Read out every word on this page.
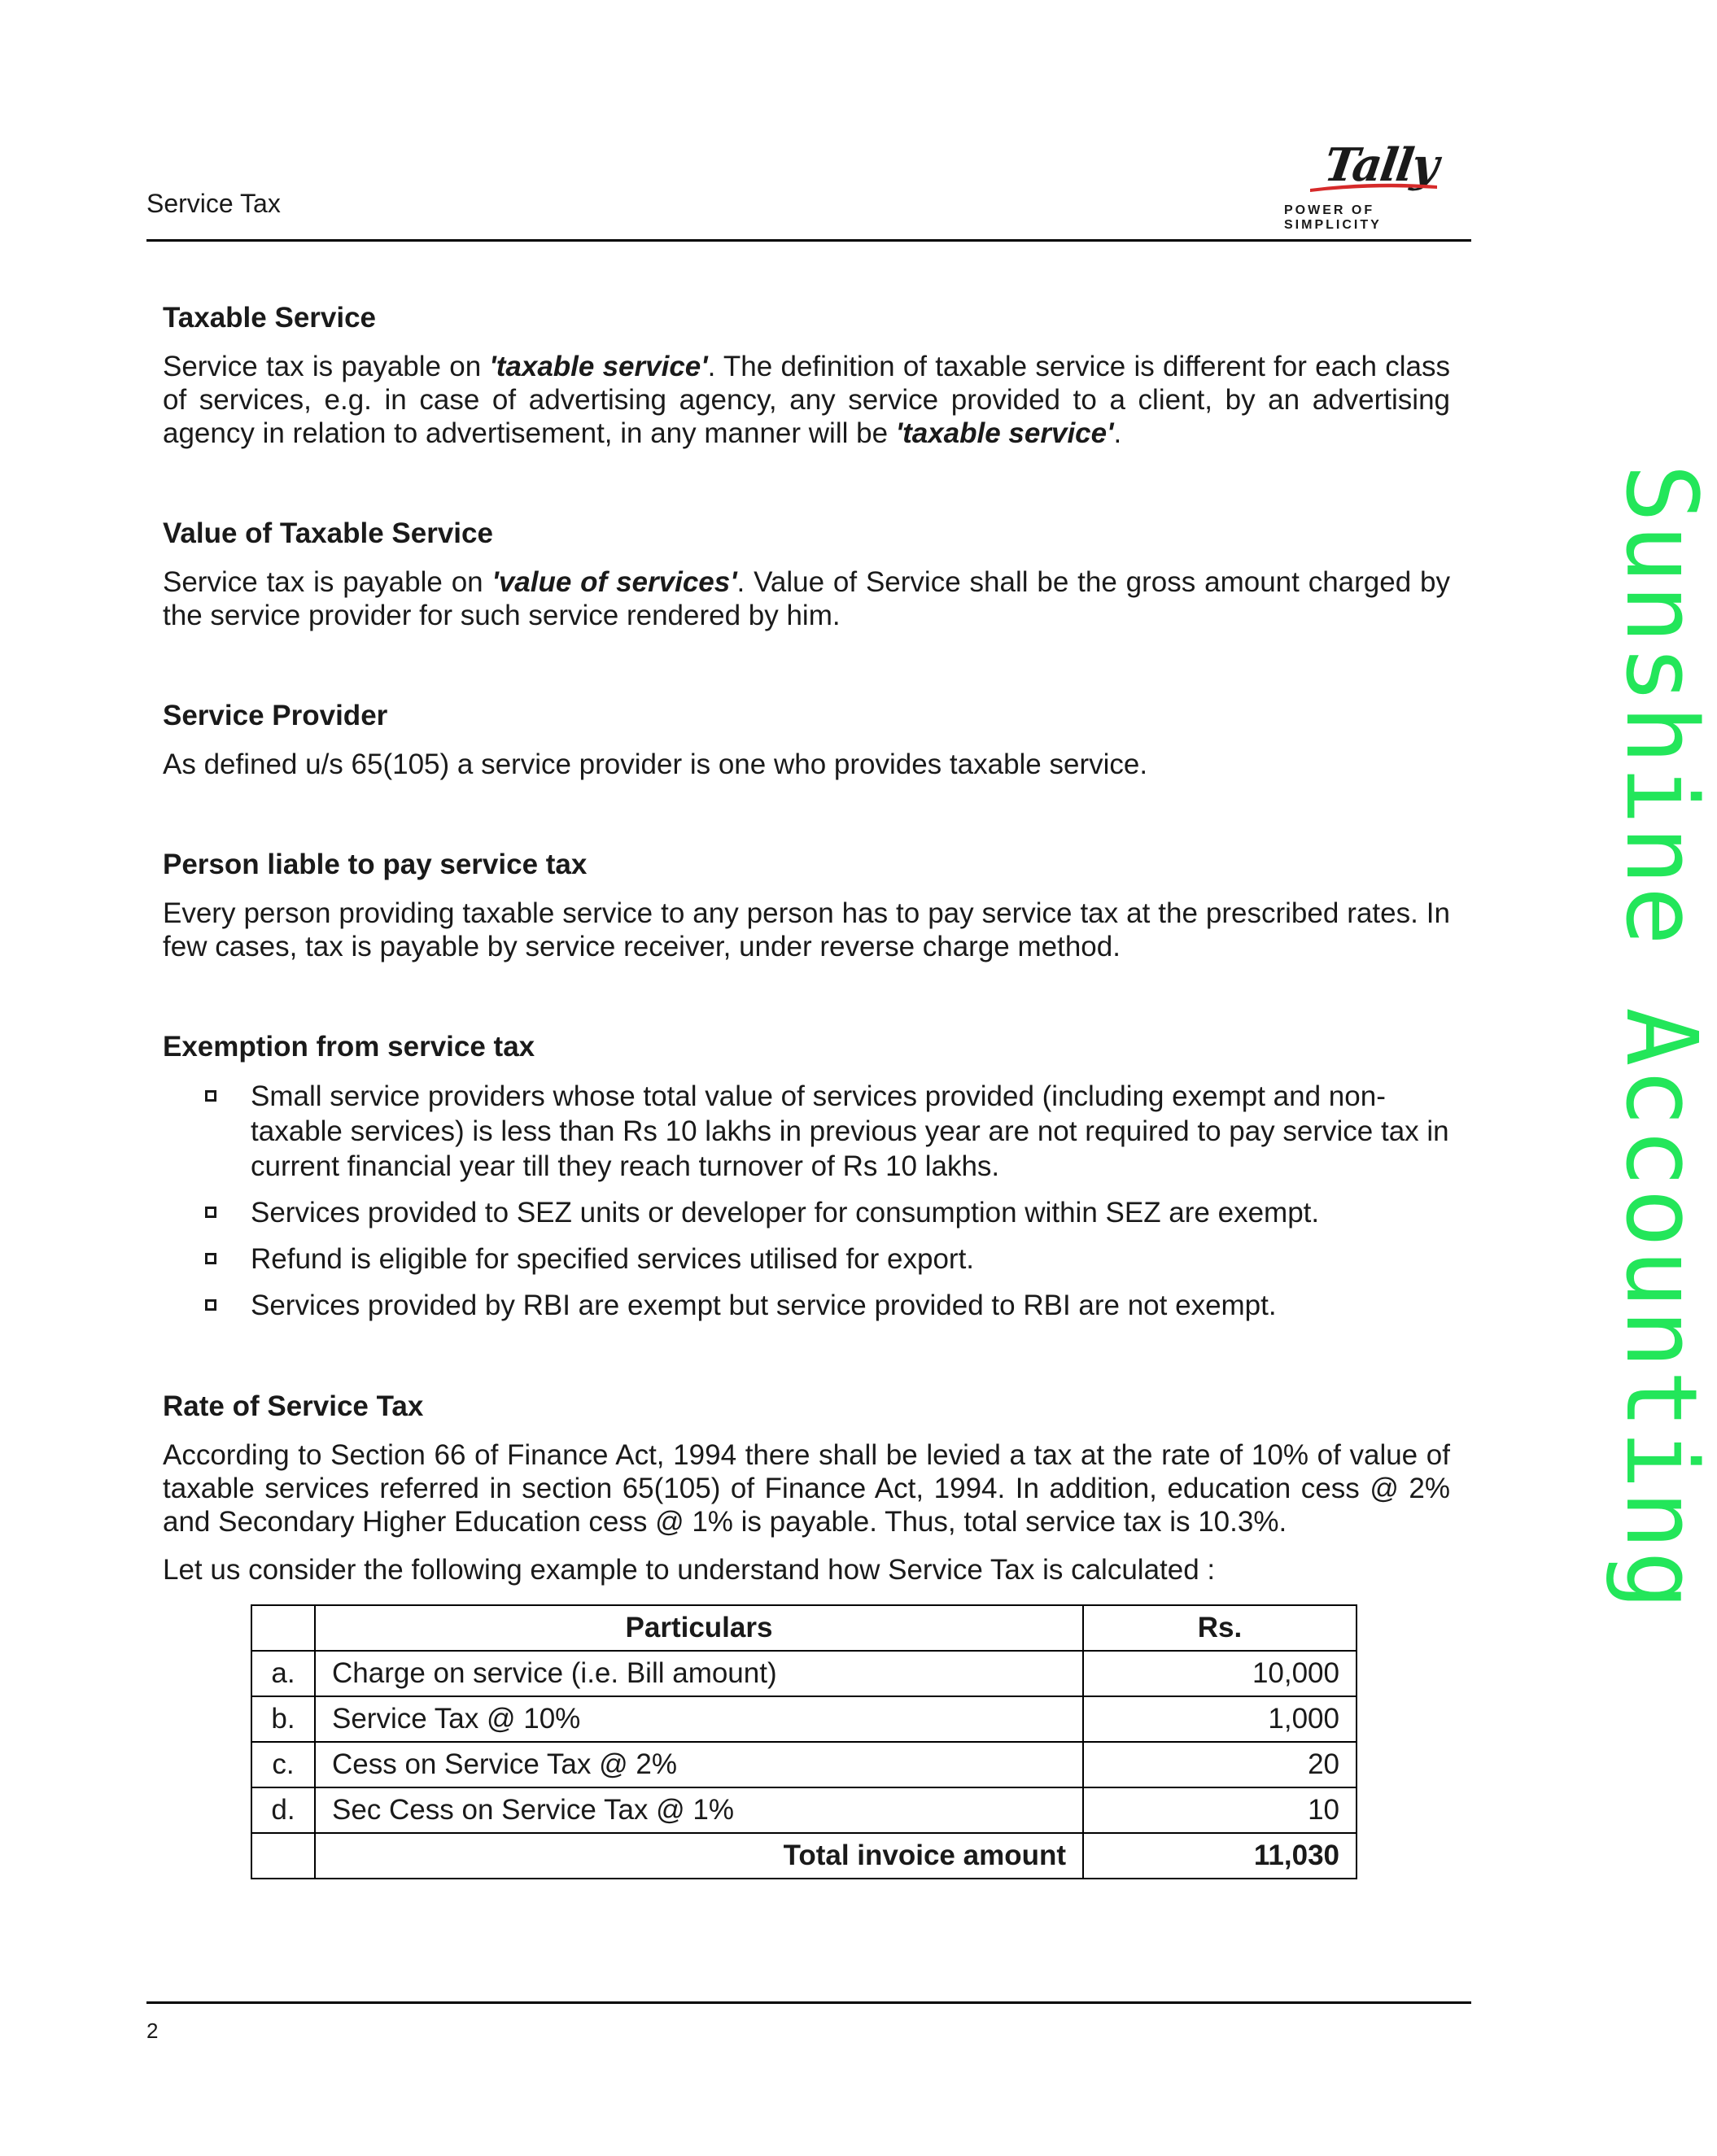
Service Tax
Tally
POWER OF SIMPLICITY
Taxable Service

Service tax is payable on 'taxable service'. The definition of taxable service is different for each class of services, e.g. in case of advertising agency, any service provided to a client, by an advertising agency in relation to advertisement, in any manner will be 'taxable service'.

Value of Taxable Service

Service tax is payable on 'value of services'. Value of Service shall be the gross amount charged by the service provider for such service rendered by him.

Service Provider

As defined u/s 65(105) a service provider is one who provides taxable service.

Person liable to pay service tax

Every person providing taxable service to any person has to pay service tax at the prescribed rates. In few cases, tax is payable by service receiver, under reverse charge method.

Exemption from service tax
Small service providers whose total value of services provided (including exempt and non-taxable services) is less than Rs 10 lakhs in previous year are not required to pay service tax in current financial year till they reach turnover of Rs 10 lakhs.
Services provided to SEZ units or developer for consumption within SEZ are exempt.
Refund is eligible for specified services utilised for export.
Services provided by RBI are exempt but service provided to RBI are not exempt.
Rate of Service Tax

According to Section 66 of Finance Act, 1994 there shall be levied a tax at the rate of 10% of value of taxable services referred in section 65(105) of Finance Act, 1994. In addition, education cess @ 2% and Secondary Higher Education cess @ 1% is payable. Thus, total service tax is 10.3%.

Let us consider the following example to understand how Service Tax is calculated :

	Particulars	Rs.
a.	Charge on service (i.e. Bill amount)	10,000
b.	Service Tax @ 10%	1,000
c.	Cess on Service Tax @ 2%	20
d.	Sec Cess on Service Tax @ 1%	10
	Total invoice amount	11,030
Sunshine Accounting
2
